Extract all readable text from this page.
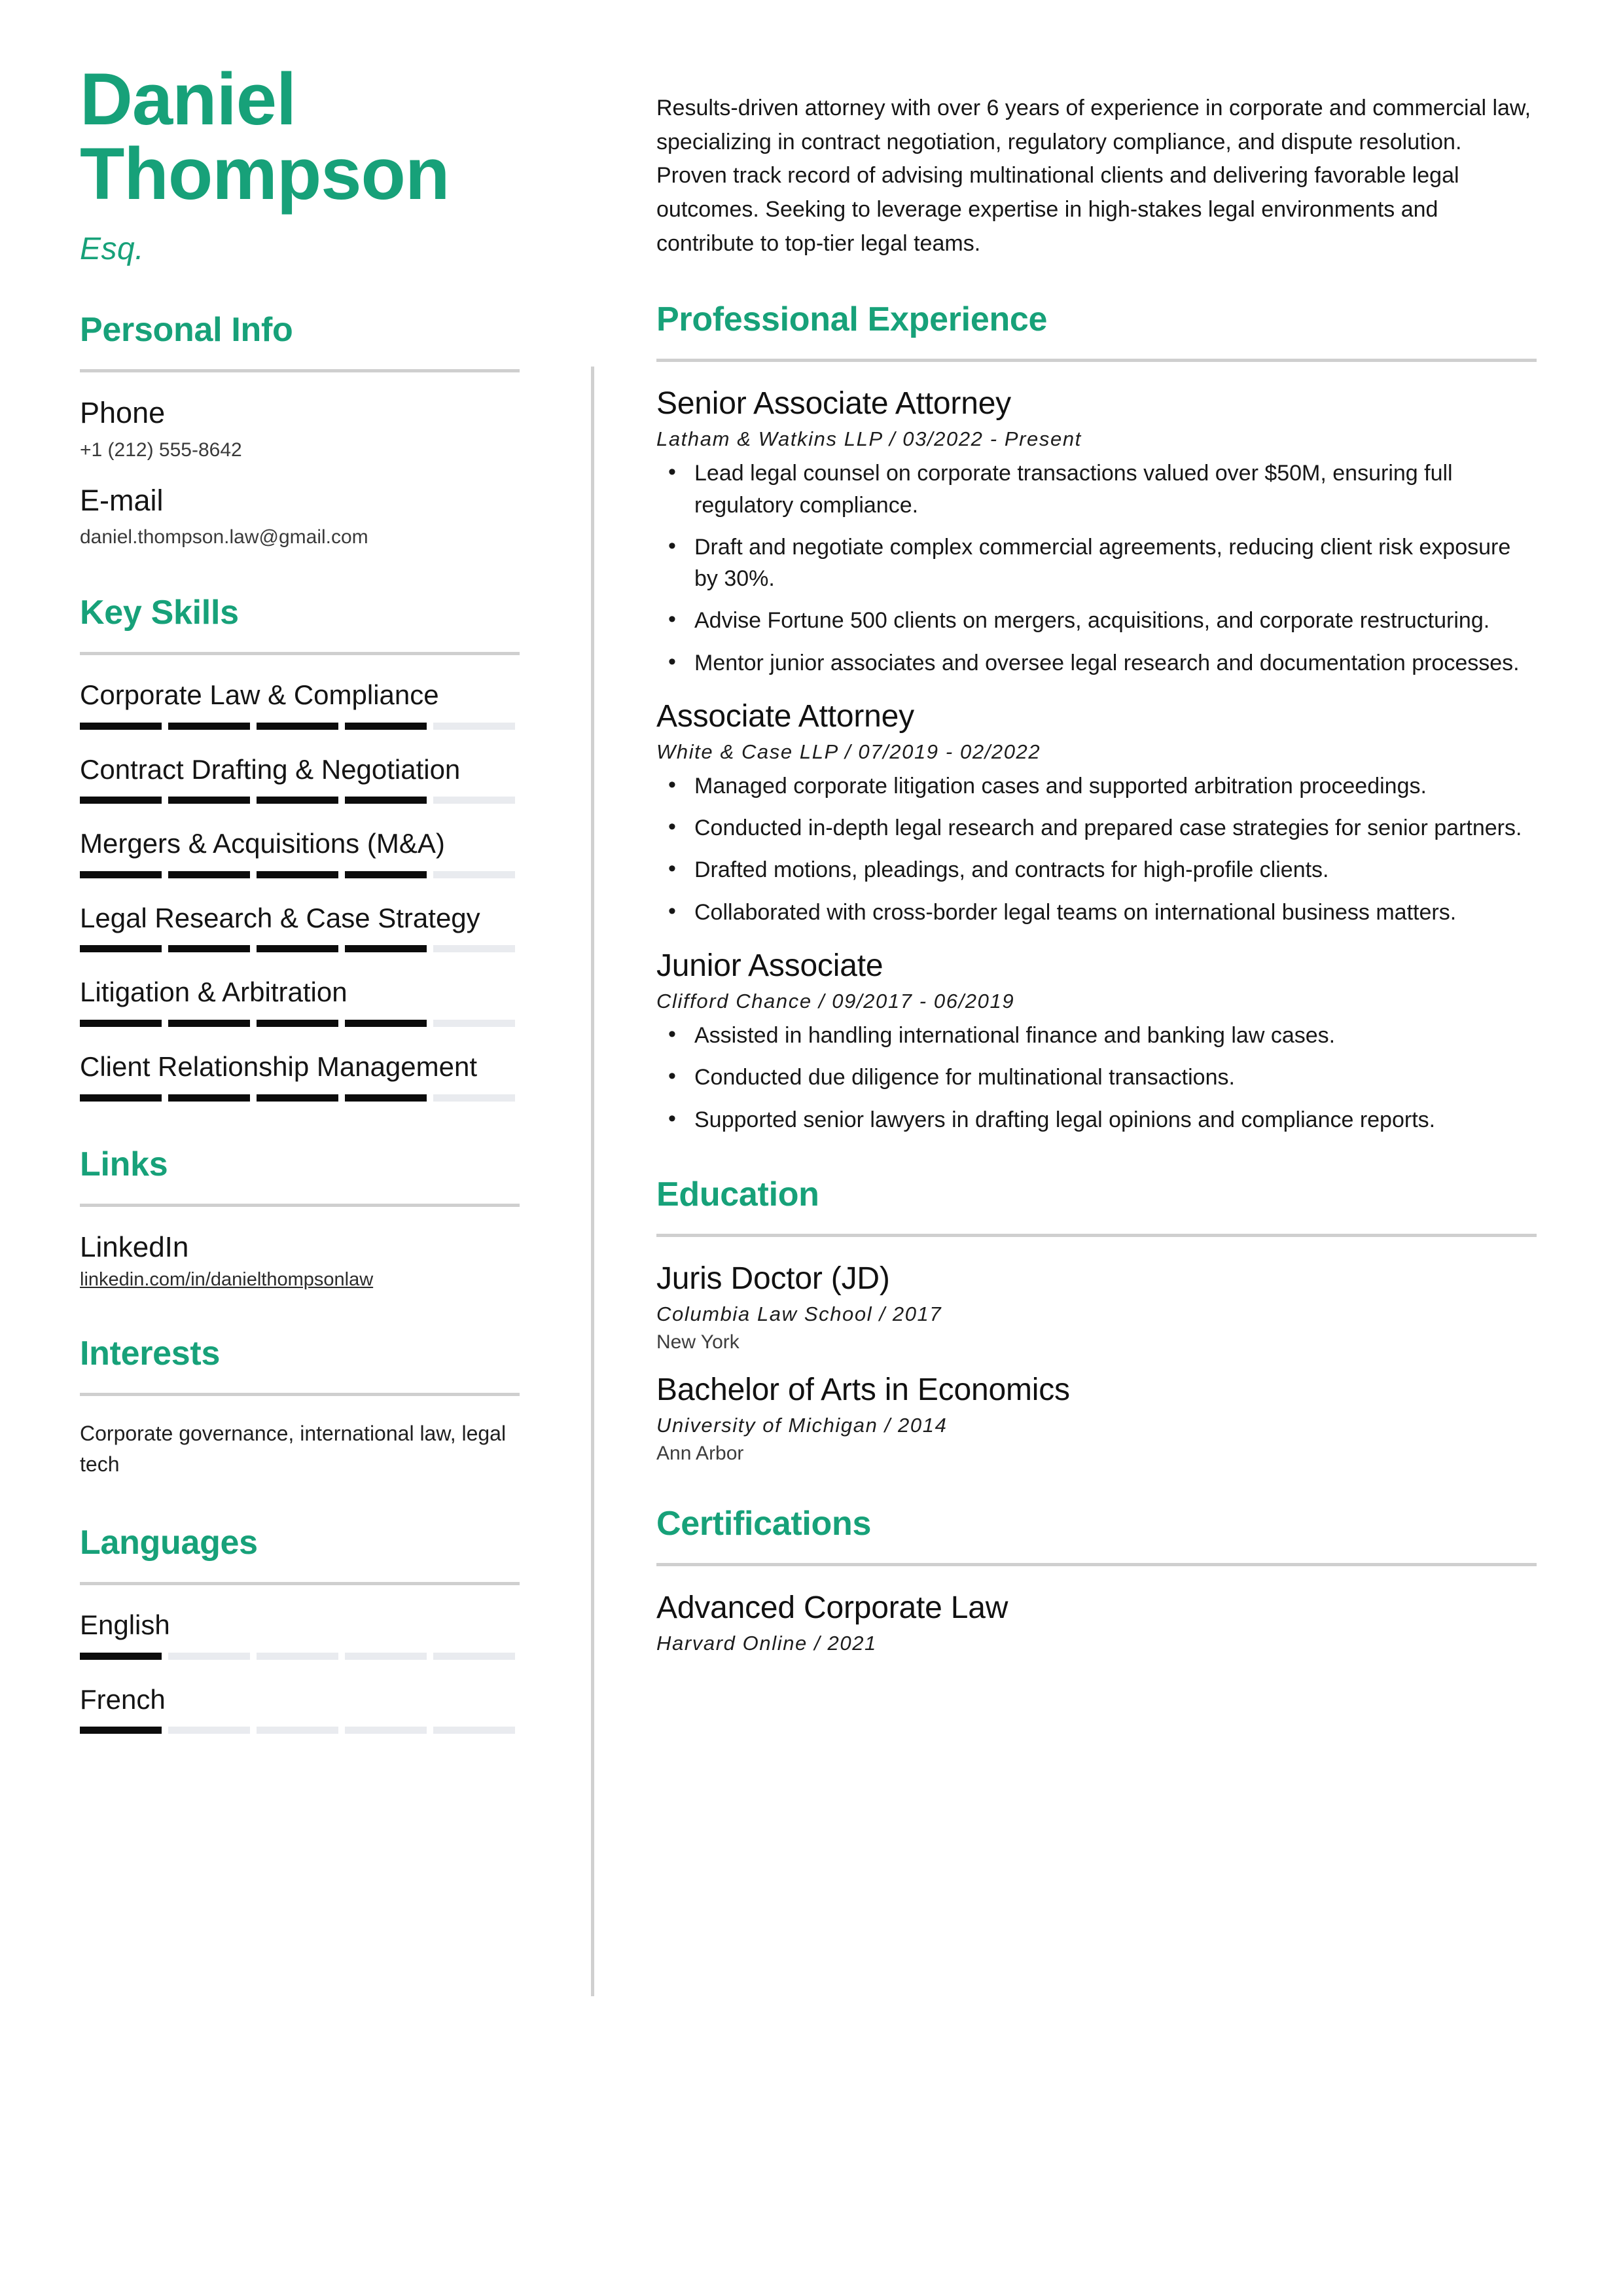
Daniel
Thompson
Esq.
Personal Info
Phone
+1 (212) 555-8642
E-mail
daniel.thompson.law@gmail.com
Key Skills
Corporate Law & Compliance
Contract Drafting & Negotiation
Mergers & Acquisitions (M&A)
Legal Research & Case Strategy
Litigation & Arbitration
Client Relationship Management
Links
LinkedIn
linkedin.com/in/danielthompsonlaw
Interests
Corporate governance, international law, legal tech
Languages
English
French
Results-driven attorney with over 6 years of experience in corporate and commercial law, specializing in contract negotiation, regulatory compliance, and dispute resolution. Proven track record of advising multinational clients and delivering favorable legal outcomes. Seeking to leverage expertise in high-stakes legal environments and contribute to top-tier legal teams.
Professional Experience
Senior Associate Attorney
Latham & Watkins LLP / 03/2022 - Present
• Lead legal counsel on corporate transactions valued over $50M, ensuring full regulatory compliance.
• Draft and negotiate complex commercial agreements, reducing client risk exposure by 30%.
• Advise Fortune 500 clients on mergers, acquisitions, and corporate restructuring.
• Mentor junior associates and oversee legal research and documentation processes.
Associate Attorney
White & Case LLP / 07/2019 - 02/2022
• Managed corporate litigation cases and supported arbitration proceedings.
• Conducted in-depth legal research and prepared case strategies for senior partners.
• Drafted motions, pleadings, and contracts for high-profile clients.
• Collaborated with cross-border legal teams on international business matters.
Junior Associate
Clifford Chance / 09/2017 - 06/2019
• Assisted in handling international finance and banking law cases.
• Conducted due diligence for multinational transactions.
• Supported senior lawyers in drafting legal opinions and compliance reports.
Education
Juris Doctor (JD)
Columbia Law School / 2017
New York
Bachelor of Arts in Economics
University of Michigan / 2014
Ann Arbor
Certifications
Advanced Corporate Law
Harvard Online / 2021
